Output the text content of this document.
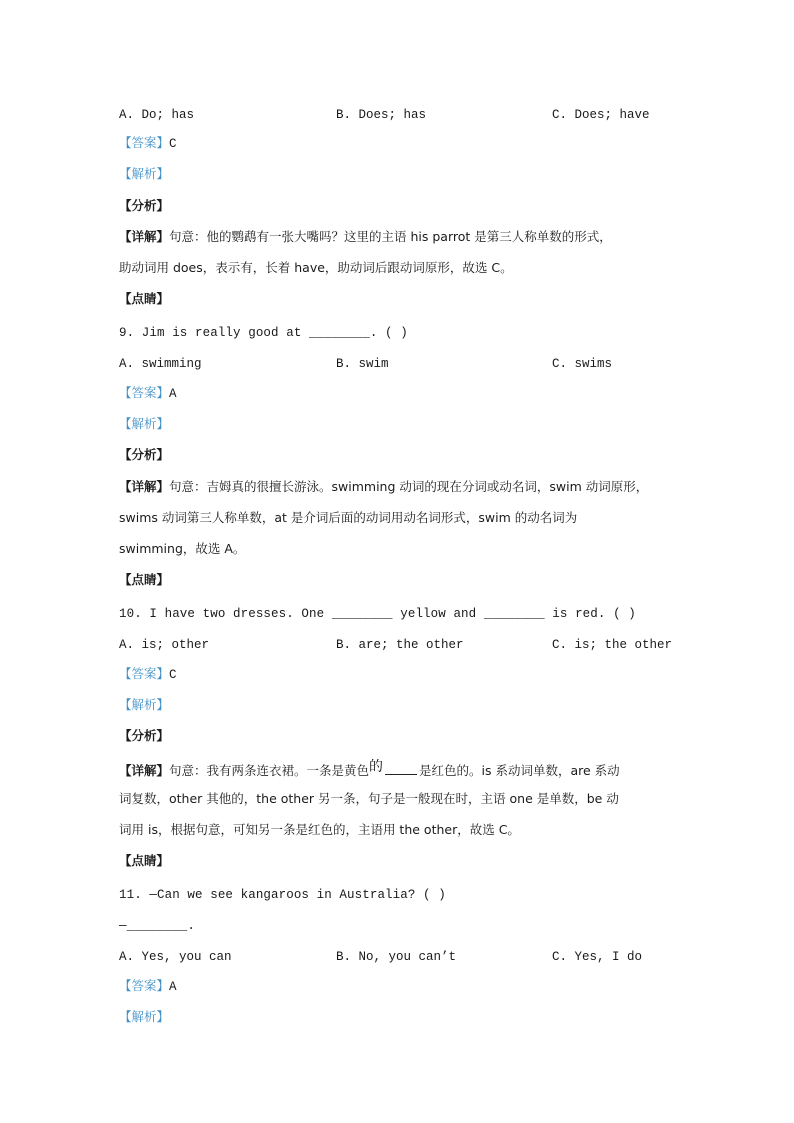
A. Do; has	B. Does; has	C. Does; have
【答案】C
【解析】
【分析】
【详解】句意：他的鹦鹉有一张大嘴吗？这里的主语 his parrot 是第三人称单数的形式，
助动词用 does，表示有，长着 have，助动词后跟动词原形，故选 C。
【点睛】
9. Jim is really good at ________. ( )
A. swimming	B. swim	C. swims
【答案】A
【解析】
【分析】
【详解】句意：吉姆真的很擅长游泳。swimming 动词的现在分词或动名词，swim 动词原形，
swims 动词第三人称单数，at 是介词后面的动词用动名词形式，swim 的动名词为
swimming，故选 A。
【点睛】
10. I have two dresses. One ________ yellow and ________ is red. ( )
A. is; other	B. are; the other	C. is; the other
【答案】C
【解析】
【分析】
【详解】句意：我有两条连衣裙。一条是黄色的	是红色的。is 系动词单数，are 系动
词复数，other 其他的，the other 另一条，句子是一般现在时，主语 one 是单数，be 动
词用 is，根据句意，可知另一条是红色的，主语用 the other，故选 C。
【点睛】
11. —Can we see kangaroos in Australia? ( )
—________.
A. Yes, you can	B. No, you can’t	C. Yes, I do
【答案】A
【解析】
